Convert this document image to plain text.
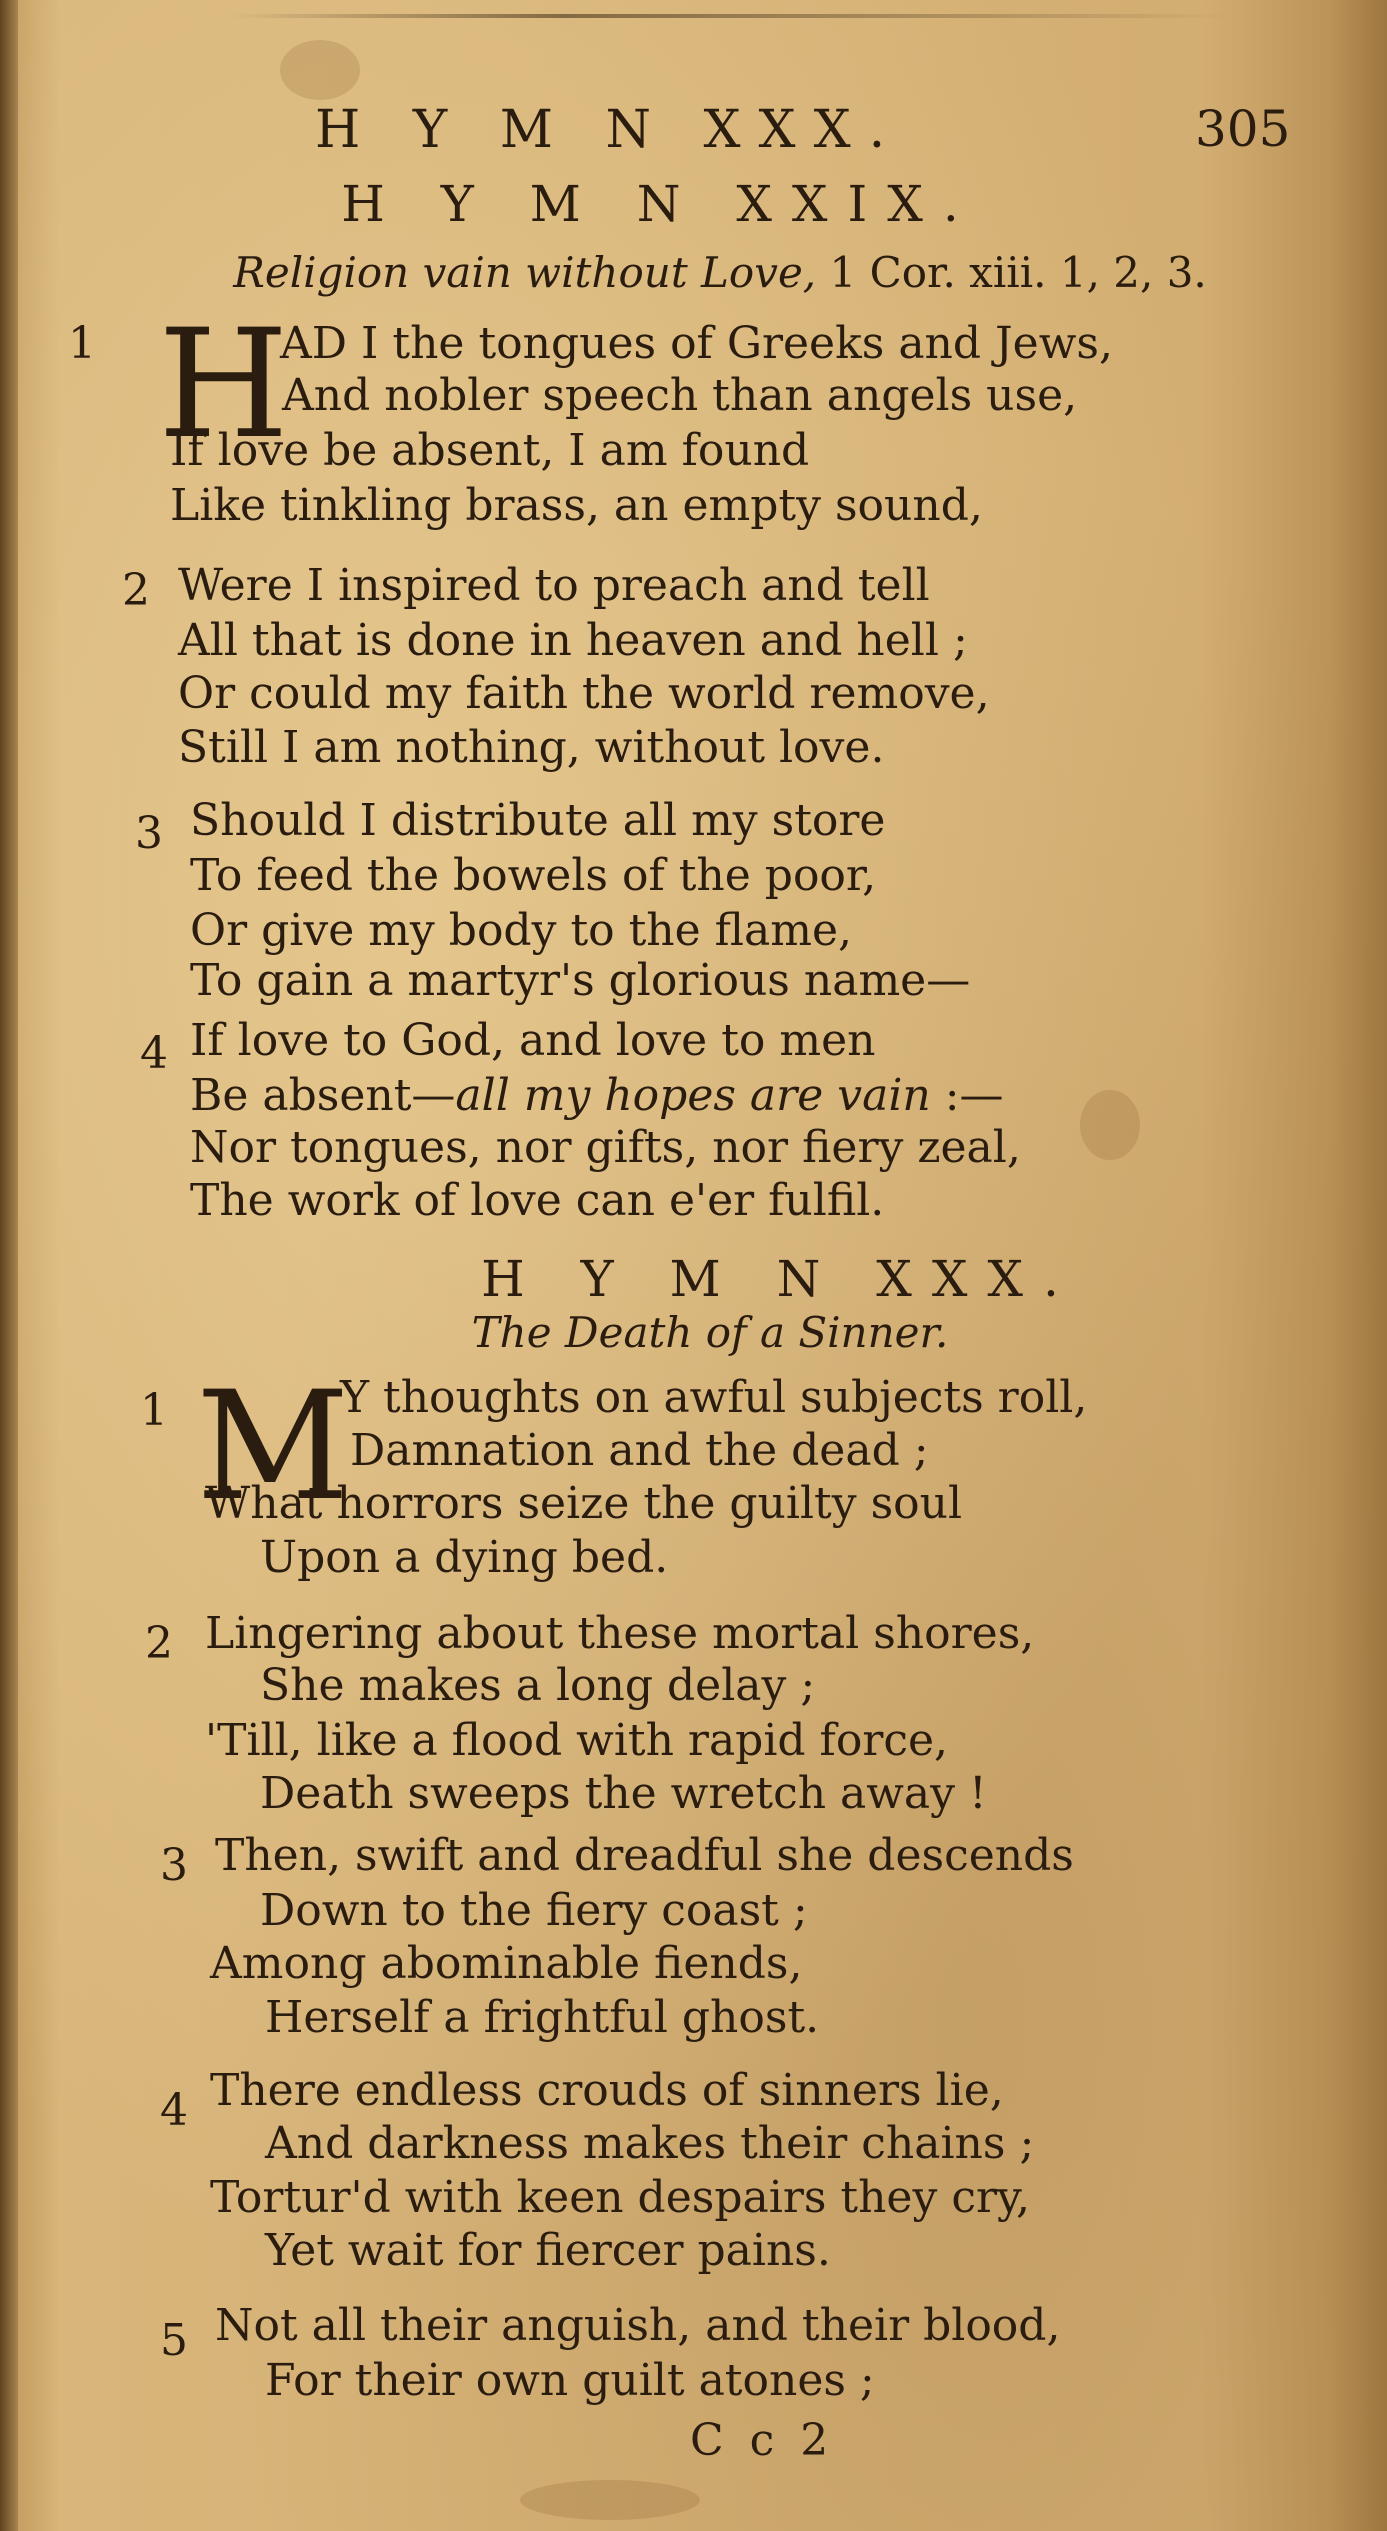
H Y M N XXX.	305
H Y M N XXIX.
Religion vain without Love, 1 Cor. xiii. 1, 2, 3.
1 H
AD I the tongues of Greeks and Jews,
And nobler speech than angels use,
If love be absent, I am found
Like tinkling brass, an empty sound,
2 Were I inspired to preach and tell
All that is done in heaven and hell ;
Or could my faith the world remove,
Still I am nothing, without love.
3 Should I distribute all my store
To feed the bowels of the poor,
Or give my body to the flame,
To gain a martyr's glorious name—
4 If love to God, and love to men
Be absent—all my hopes are vain :—
Nor tongues, nor gifts, nor fiery zeal,
The work of love can e'er fulfil.
H Y M N XXX.
The Death of a Sinner.
1 M
Y thoughts on awful subjects roll,
Damnation and the dead ;
What horrors seize the guilty soul
Upon a dying bed.
2 Lingering about these mortal shores,
She makes a long delay ;
'Till, like a flood with rapid force,
Death sweeps the wretch away !
3 Then, swift and dreadful she descends
Down to the fiery coast ;
Among abominable fiends,
Herself a frightful ghost.
4 There endless crouds of sinners lie,
And darkness makes their chains ;
Tortur'd with keen despairs they cry,
Yet wait for fiercer pains.
5 Not all their anguish, and their blood,
For their own guilt atones ;
C c 2
